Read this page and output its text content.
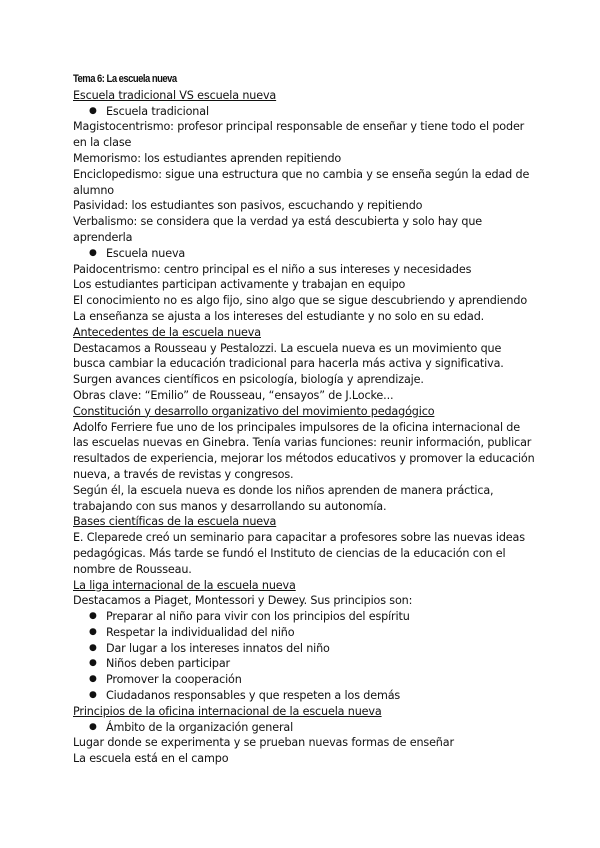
Tema 6: La escuela nueva
Escuela tradicional VS escuela nueva
● Escuela tradicional
Magistocentrismo: profesor principal responsable de enseñar y tiene todo el poder en la clase
Memorismo: los estudiantes aprenden repitiendo
Enciclopedismo: sigue una estructura que no cambia y se enseña según la edad de alumno
Pasividad: los estudiantes son pasivos, escuchando y repitiendo
Verbalismo: se considera que la verdad ya está descubierta y solo hay que aprenderla
● Escuela nueva
Paidocentrismo: centro principal es el niño a sus intereses y necesidades
Los estudiantes participan activamente y trabajan en equipo
El conocimiento no es algo fijo, sino algo que se sigue descubriendo y aprendiendo
La enseñanza se ajusta a los intereses del estudiante y no solo en su edad.
Antecedentes de la escuela nueva
Destacamos a Rousseau y Pestalozzi. La escuela nueva es un movimiento que busca cambiar la educación tradicional para hacerla más activa y significativa. Surgen avances científicos en psicología, biología y aprendizaje.
Obras clave: “Emilio” de Rousseau, “ensayos” de J.Locke...
Constitución y desarrollo organizativo del movimiento pedagógico
Adolfo Ferriere fue uno de los principales impulsores de la oficina internacional de las escuelas nuevas en Ginebra. Tenía varias funciones: reunir información, publicar resultados de experiencia, mejorar los métodos educativos y promover la educación nueva, a través de revistas y congresos.
Según él, la escuela nueva es donde los niños aprenden de manera práctica, trabajando con sus manos y desarrollando su autonomía.
Bases científicas de la escuela nueva
E. Cleparede creó un seminario para capacitar a profesores sobre las nuevas ideas pedagógicas. Más tarde se fundó el Instituto de ciencias de la educación con el nombre de Rousseau.
La liga internacional de la escuela nueva
Destacamos a Piaget, Montessori y Dewey. Sus principios son:
● Preparar al niño para vivir con los principios del espíritu
● Respetar la individualidad del niño
● Dar lugar a los intereses innatos del niño
● Niños deben participar
● Promover la cooperación
● Ciudadanos responsables y que respeten a los demás
Principios de la oficina internacional de la escuela nueva
● Ámbito de la organización general
Lugar donde se experimenta y se prueban nuevas formas de enseñar
La escuela está en el campo
